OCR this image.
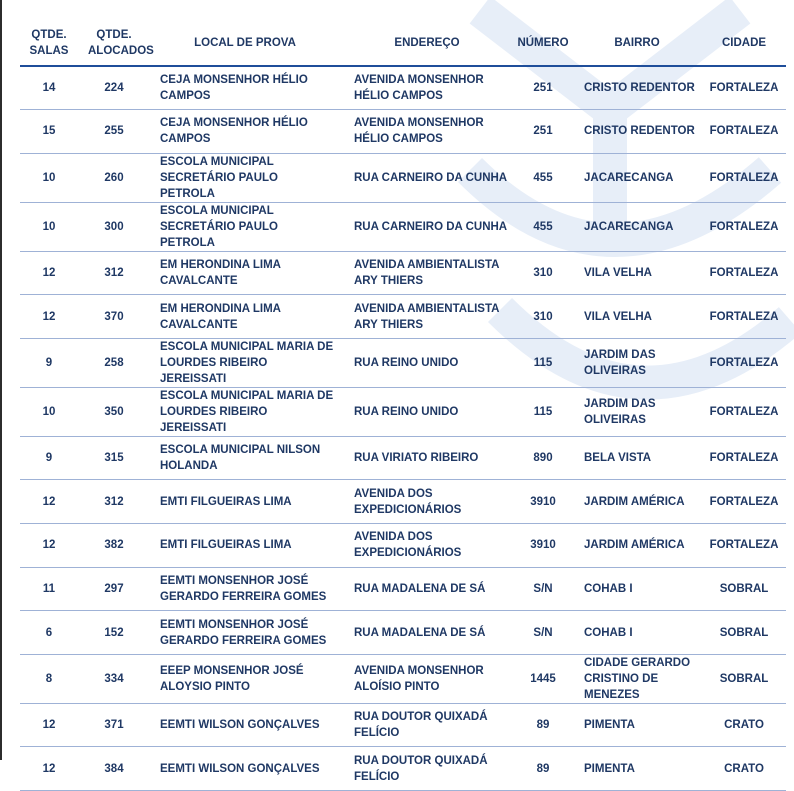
QTDE. SALAS	QTDE. ALOCADOS	LOCAL DE PROVA	ENDEREÇO	NÚMERO	BAIRRO	CIDADE
14	224	CEJA MONSENHOR HÉLIO CAMPOS	AVENIDA MONSENHOR HÉLIO CAMPOS	251	CRISTO REDENTOR	FORTALEZA
15	255	CEJA MONSENHOR HÉLIO CAMPOS	AVENIDA MONSENHOR HÉLIO CAMPOS	251	CRISTO REDENTOR	FORTALEZA
10	260	ESCOLA MUNICIPAL SECRETÁRIO PAULO PETROLA	RUA CARNEIRO DA CUNHA	455	JACARECANGA	FORTALEZA
10	300	ESCOLA MUNICIPAL SECRETÁRIO PAULO PETROLA	RUA CARNEIRO DA CUNHA	455	JACARECANGA	FORTALEZA
12	312	EM HERONDINA LIMA CAVALCANTE	AVENIDA AMBIENTALISTA ARY THIERS	310	VILA VELHA	FORTALEZA
12	370	EM HERONDINA LIMA CAVALCANTE	AVENIDA AMBIENTALISTA ARY THIERS	310	VILA VELHA	FORTALEZA
9	258	ESCOLA MUNICIPAL MARIA DE LOURDES RIBEIRO JEREISSATI	RUA REINO UNIDO	115	JARDIM DAS OLIVEIRAS	FORTALEZA
10	350	ESCOLA MUNICIPAL MARIA DE LOURDES RIBEIRO JEREISSATI	RUA REINO UNIDO	115	JARDIM DAS OLIVEIRAS	FORTALEZA
9	315	ESCOLA MUNICIPAL NILSON HOLANDA	RUA VIRIATO RIBEIRO	890	BELA VISTA	FORTALEZA
12	312	EMTI FILGUEIRAS LIMA	AVENIDA DOS EXPEDICIONÁRIOS	3910	JARDIM AMÉRICA	FORTALEZA
12	382	EMTI FILGUEIRAS LIMA	AVENIDA DOS EXPEDICIONÁRIOS	3910	JARDIM AMÉRICA	FORTALEZA
11	297	EEMTI MONSENHOR JOSÉ GERARDO FERREIRA GOMES	RUA MADALENA DE SÁ	S/N	COHAB I	SOBRAL
6	152	EEMTI MONSENHOR JOSÉ GERARDO FERREIRA GOMES	RUA MADALENA DE SÁ	S/N	COHAB I	SOBRAL
8	334	EEEP MONSENHOR JOSÉ ALOYSIO PINTO	AVENIDA MONSENHOR ALOÍSIO PINTO	1445	CIDADE GERARDO CRISTINO DE MENEZES	SOBRAL
12	371	EEMTI WILSON GONÇALVES	RUA DOUTOR QUIXADÁ FELÍCIO	89	PIMENTA	CRATO
12	384	EEMTI WILSON GONÇALVES	RUA DOUTOR QUIXADÁ FELÍCIO	89	PIMENTA	CRATO
